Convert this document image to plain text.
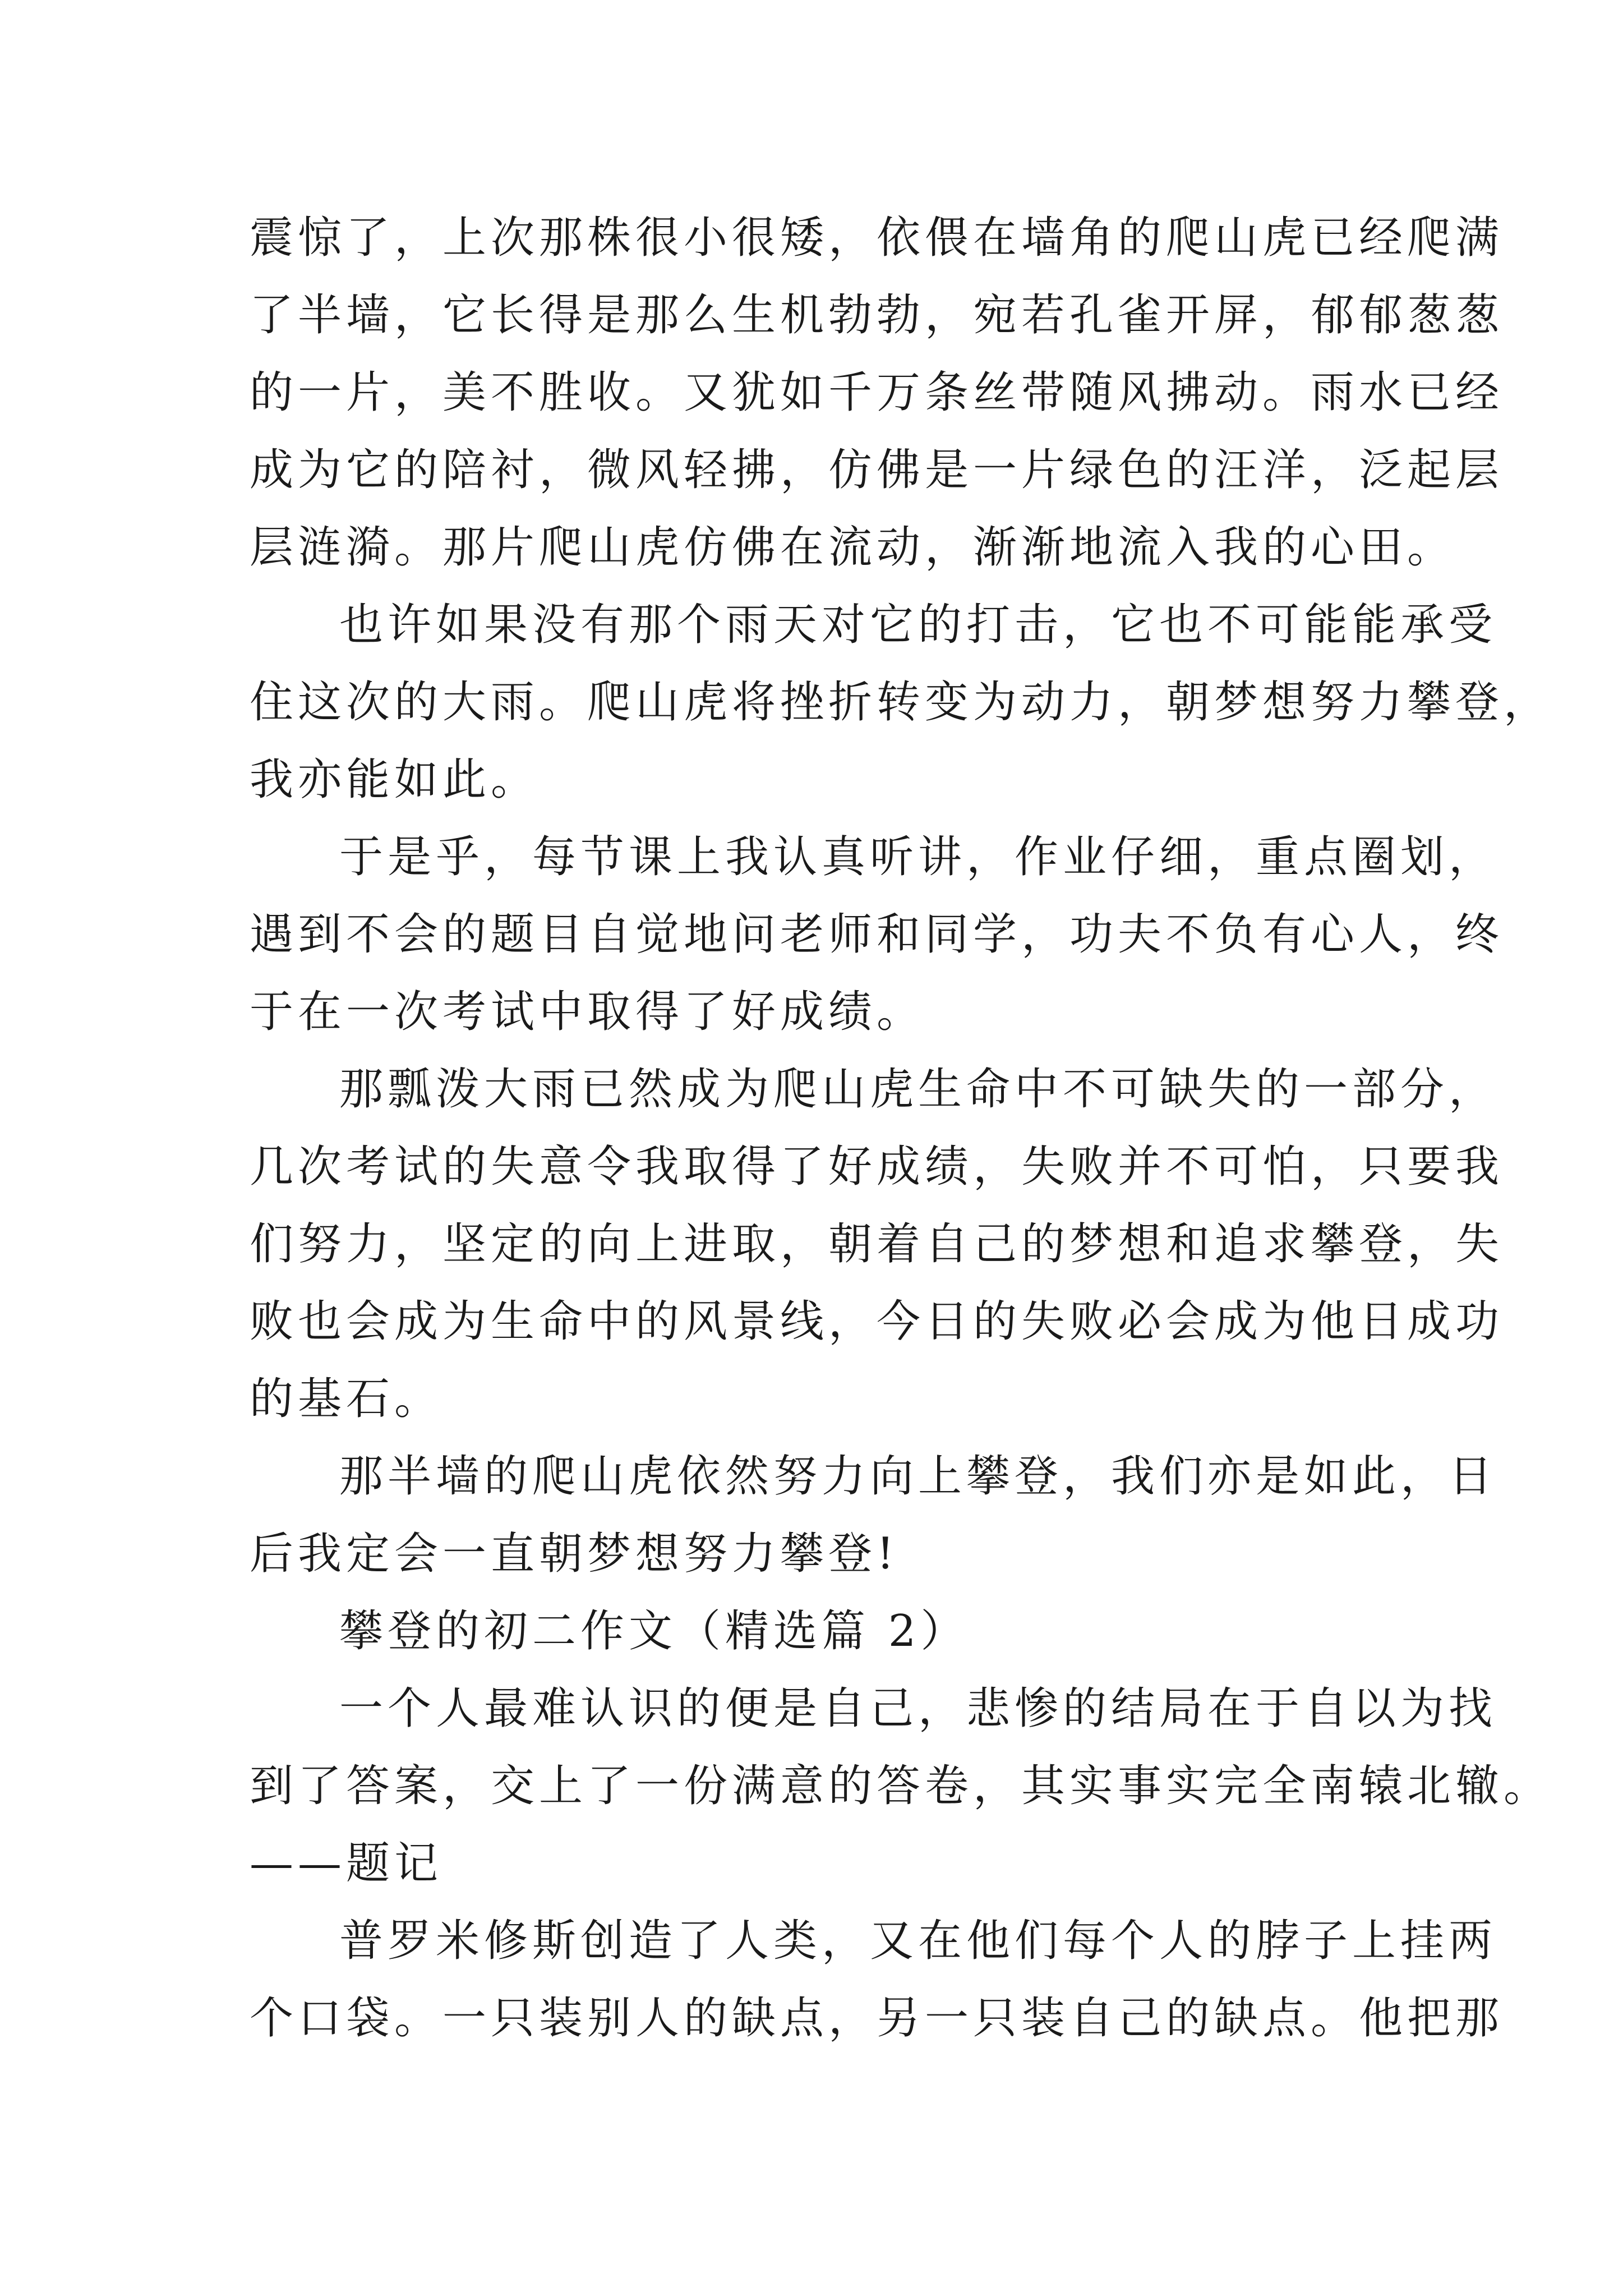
震惊了，上次那株很小很矮，依偎在墙角的爬山虎已经爬满
了半墙，它长得是那么生机勃勃，宛若孔雀开屏，郁郁葱葱
的一片，美不胜收。又犹如千万条丝带随风拂动。雨水已经
成为它的陪衬，微风轻拂，仿佛是一片绿色的汪洋，泛起层
层涟漪。那片爬山虎仿佛在流动，渐渐地流入我的心田。
也许如果没有那个雨天对它的打击，它也不可能能承受
住这次的大雨。爬山虎将挫折转变为动力，朝梦想努力攀登，
我亦能如此。
于是乎，每节课上我认真听讲，作业仔细，重点圈划，
遇到不会的题目自觉地问老师和同学，功夫不负有心人，终
于在一次考试中取得了好成绩。
那瓢泼大雨已然成为爬山虎生命中不可缺失的一部分，
几次考试的失意令我取得了好成绩，失败并不可怕，只要我
们努力，坚定的向上进取，朝着自己的梦想和追求攀登，失
败也会成为生命中的风景线，今日的失败必会成为他日成功
的基石。
那半墙的爬山虎依然努力向上攀登，我们亦是如此，日
后我定会一直朝梦想努力攀登!
攀登的初二作文（精选篇 2）
一个人最难认识的便是自己，悲惨的结局在于自以为找
到了答案，交上了一份满意的答卷，其实事实完全南辕北辙。
——题记
普罗米修斯创造了人类，又在他们每个人的脖子上挂两
个口袋。一只装别人的缺点，另一只装自己的缺点。他把那
